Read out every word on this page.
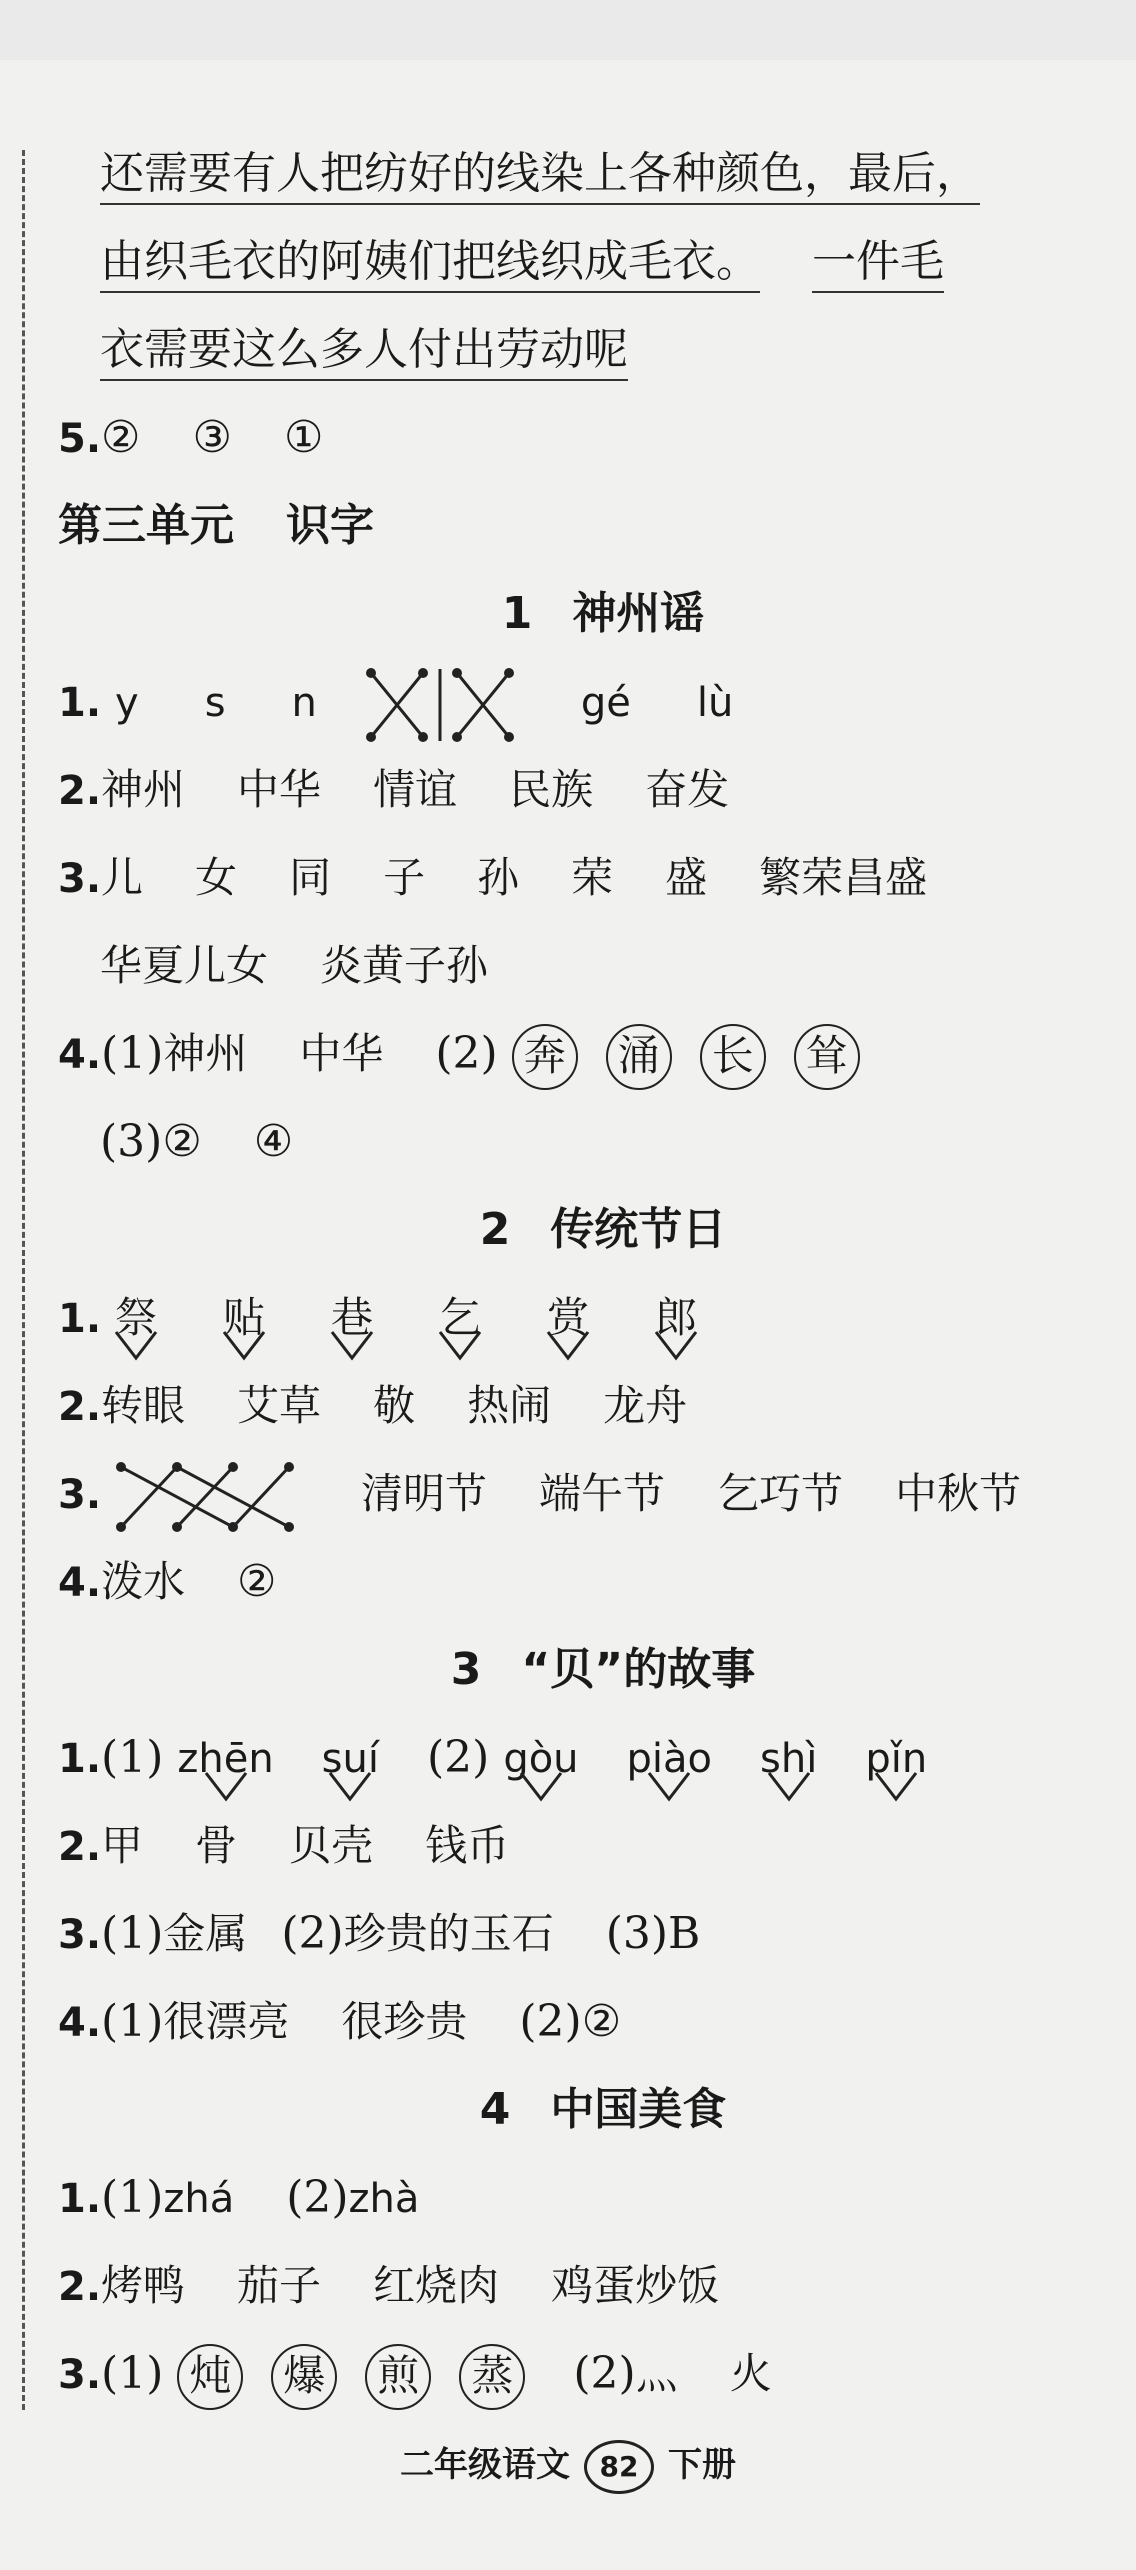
还需要有人把纺好的线染上各种颜色，最后，
由织毛衣的阿姨们把线织成毛衣。 一件毛
衣需要这么多人付出劳动呢
5.② ③ ①
第三单元 识字
1 神州谣
1. y s n	gé lù
2.神州 中华 情谊 民族 奋发
3.儿 女 同 子 孙 荣 盛 繁荣昌盛
华夏儿女 炎黄子孙
4.(1)神州 中华 (2) 奔 涌 长 耸
(3)② ④
2 传统节日
1. 祭 贴 巷 乞 赏 郎
2.转眼 艾草 敬 热闹 龙舟
3.	清明节 端午节 乞巧节 中秋节
4.泼水 ②
3 “贝”的故事
1.(1) zhēn suí (2) gòu piào shì pǐn
2.甲 骨 贝壳 钱币
3.(1)金属 (2)珍贵的玉石 (3)B
4.(1)很漂亮 很珍贵 (2)②
4 中国美食
1.(1)zhá (2)zhà
2.烤鸭 茄子 红烧肉 鸡蛋炒饭
3.(1) 炖 爆 煎 蒸 (2)灬 火
二年级语文 82 下册
